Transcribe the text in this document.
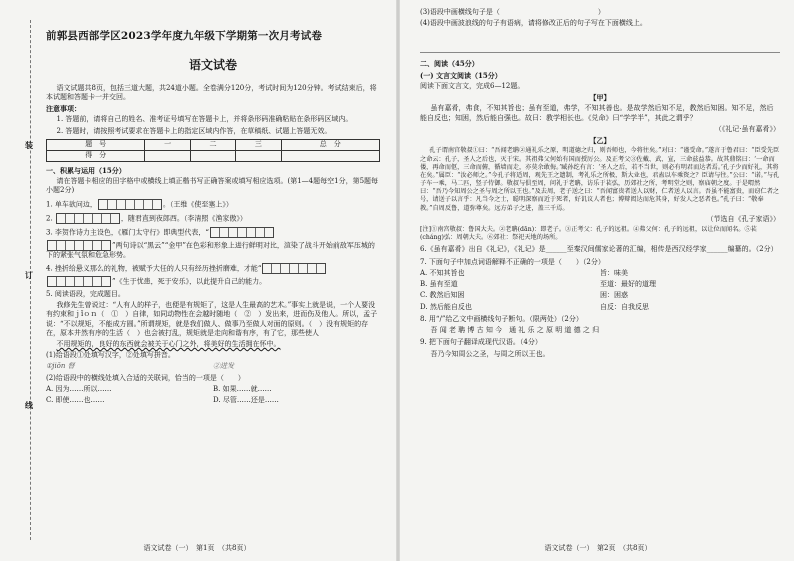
装
订
线
前郭县西部学区2023学年度九年级下学期第一次月考试卷
语文试卷

语文试题共8页，包括三道大题，共24道小题。全卷满分120分，考试时间为120分钟。考试结束后，将本试题和答题卡一并交回。

注意事项：

1. 答题前，请将自己的姓名、准考证号填写在答题卡上，并将条形码准确粘贴在条形码区域内。

2. 答题时，请按照考试要求在答题卡上的指定区域内作答，在草稿纸、试题上答题无效。

题　号	一	二	三	总　分
得　分				

一、积累与运用（15分）

请在答题卡相应的田字格中或横线上填正楷书写正确答案或填写相应选项。(第1—4题每空1分，第5题每小题2分)

1. 单车欲问边，	。（王维《使至塞上》）

2.	，随君直到夜郎西。（李清照《渔家傲》）

3. 李贺作诗力主设色，《雁门太守行》即典型代表，“

”两句诗以“黑云”“金甲”在色彩和形象上进行鲜明对比，渲染了战斗开始前敌军压城的下的紧张气氛和危急形势。

4. 挫折给悬义那么的礼物，被赋予大任的人只有经历挫折磨难，才能“

”《生于忧患，死于安乐》，以此提升自己的能力。

5. 阅读语段，完成题目。

我修先生曾说过：“人有人的样子，也便是有规矩了，这是人生最高的艺术。”事实上就是说，一个人要没有约束和ｊǐｏｎ（　①　）自律，如同动物性在会越时随地（　②　）发出来，进而伤及他人。所以，孟子说：“不以规矩，不能成方圆。”所谓规矩，就是我们做人、做事乃至做人对面的原则。（　）没有规矩的存在，原本井然有序的生活（　）也会被打乱，规矩就是走向和谐有序，有了它，那些使人

不用规矩的，良好的东西就会被关于心门之外，将美好的生活拥在怀中。

(1)给语段①处填写汉字，②处填写拼音。

①jiǒn 督	②迸发

(2)给语段中的横线处填入合适的关联词，恰当的一项是（　　）

A. 因为……所以……	B. 如果……就……

C. 即使……也……	D. 尽管……还是……

语文试卷（一）　第1页　（共8页）

(3)语段中画横线句子是（　　　　　　　　　　　　　　）

(4)语段中画波浪线的句子有语病，请将修改正后的句子写在下面横线上。

二、阅读（45分）

(一) 文言文阅读（15分）

阅读下面文言文，完成6—12题。

【甲】

虽有嘉肴，弗食，不知其旨也；虽有至道，弗学，不知其善也。是故学然后知不足，教然后知困。知不足，然后能自反也；知困，然后能自强也。故曰：教学相长也。《兑命》曰“学学半”，其此之谓乎？

（《礼记·虽有嘉肴》）

【乙】

孔子谓南宫敬叔①曰：“吾闻老聃②通礼乐之原，明道德之归，则吾师也，今将往矣。”对曰：“谨受命。”遂言于鲁君曰：“臣受先臣之命云：孔子，圣人之后也，灭于宋。其祖弗父何始有国而授厉公。及正考父③佐戴、武、宣，三命兹益恭。故其鼎铭曰：‘一命而偻，再命而伛，三命而俯，循墙而走，亦莫余敢侮。’臧孙纥有言：‘圣人之后，若不当世，则必有明君而达者焉。’孔子少而好礼，其将在矣。”属臣：“汝必师之。”今孔子将适周，观先王之遗制，考礼乐之所极，斯大业也，君盍以车乘资之？臣请与往。”公曰：“诺。”与孔子车一乘，马二匹，竖子侍御。敬叔与俱至周，问礼于老聃，访乐于苌弘，历郊社之所，考明堂之则，察庙朝之度。于是喟然曰：“吾乃今知周公之圣与周之所以王也。”及去周，老子送之曰：“吾闻富贵者送人以财，仁者送人以言。吾虽不能富贵，而窃仁者之号，请送子以言乎：凡当今之士，聪明深察而近于死者，好讥议人者也；博辩闳达而危其身，好发人之恶者也。”孔子曰：“敬奉教。”自周反鲁，道弥尊矣。远方弟子之进，盖三千焉。

（节选自《孔子家语》）

[注]①南宫敬叔：鲁国大夫。②老聃(dān)：即老子。③正考父：孔子的远祖。④弗父何：孔子的远祖，以让位而闻名。⑤苌(cháng)弘：周朝大夫。⑥郊社：祭祀天地的场所。

6.《虽有嘉肴》出自《礼记》，《礼记》是______至秦汉间儒家论著的汇编，相传是西汉经学家______编纂的。（2分）

7. 下面句子中加点词语解释不正确的一项是（　　）（2分）

A. 不知其旨也	旨：味美

B. 虽有至道	至道：最好的道理

C. 教然后知困	困：困惑

D. 然后能自反也	自反：自我反思

8. 用“/”给乙文中画横线句子断句。（限两处）（2分）

吾 闻 老 聃 博 古 知 今　通 礼 乐 之 原 明 道 德 之 归

9. 把下面句子翻译成现代汉语。（4分）

吾乃今知周公之圣，与周之所以王也。

语文试卷（一）　第2页　（共8页）
